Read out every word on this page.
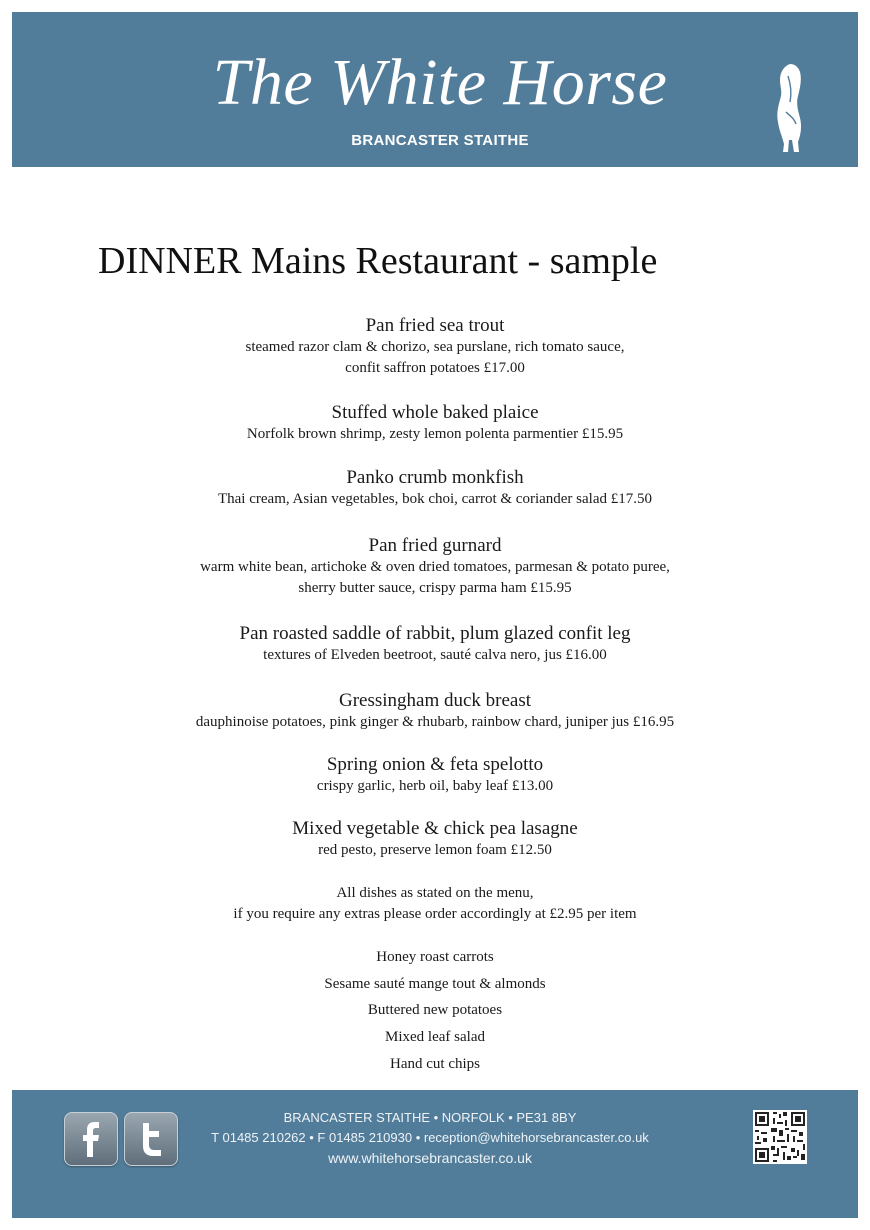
The White Horse
BRANCASTER STAITHE
DINNER Mains Restaurant - sample
Pan fried sea trout
steamed razor clam & chorizo, sea purslane, rich tomato sauce,
confit saffron potatoes £17.00
Stuffed whole baked plaice
Norfolk brown shrimp, zesty lemon polenta parmentier £15.95
Panko crumb monkfish
Thai cream, Asian vegetables, bok choi, carrot & coriander salad £17.50
Pan fried gurnard
warm white bean, artichoke & oven dried tomatoes, parmesan & potato puree,
sherry butter sauce, crispy parma ham £15.95
Pan roasted saddle of rabbit, plum glazed confit leg
textures of Elveden beetroot, sauté calva nero, jus £16.00
Gressingham duck breast
dauphinoise potatoes, pink ginger & rhubarb, rainbow chard, juniper jus £16.95
Spring onion & feta spelotto
crispy garlic, herb oil, baby leaf £13.00
Mixed vegetable & chick pea lasagne
red pesto, preserve lemon foam £12.50
All dishes as stated on the menu,
if you require any extras please order accordingly at £2.95 per item
Honey roast carrots
Sesame sauté mange tout & almonds
Buttered new potatoes
Mixed leaf salad
Hand cut chips
BRANCASTER STAITHE • NORFOLK • PE31 8BY
T 01485 210262 • F 01485 210930 • reception@whitehorsebrancaster.co.uk
www.whitehorsebrancaster.co.uk
